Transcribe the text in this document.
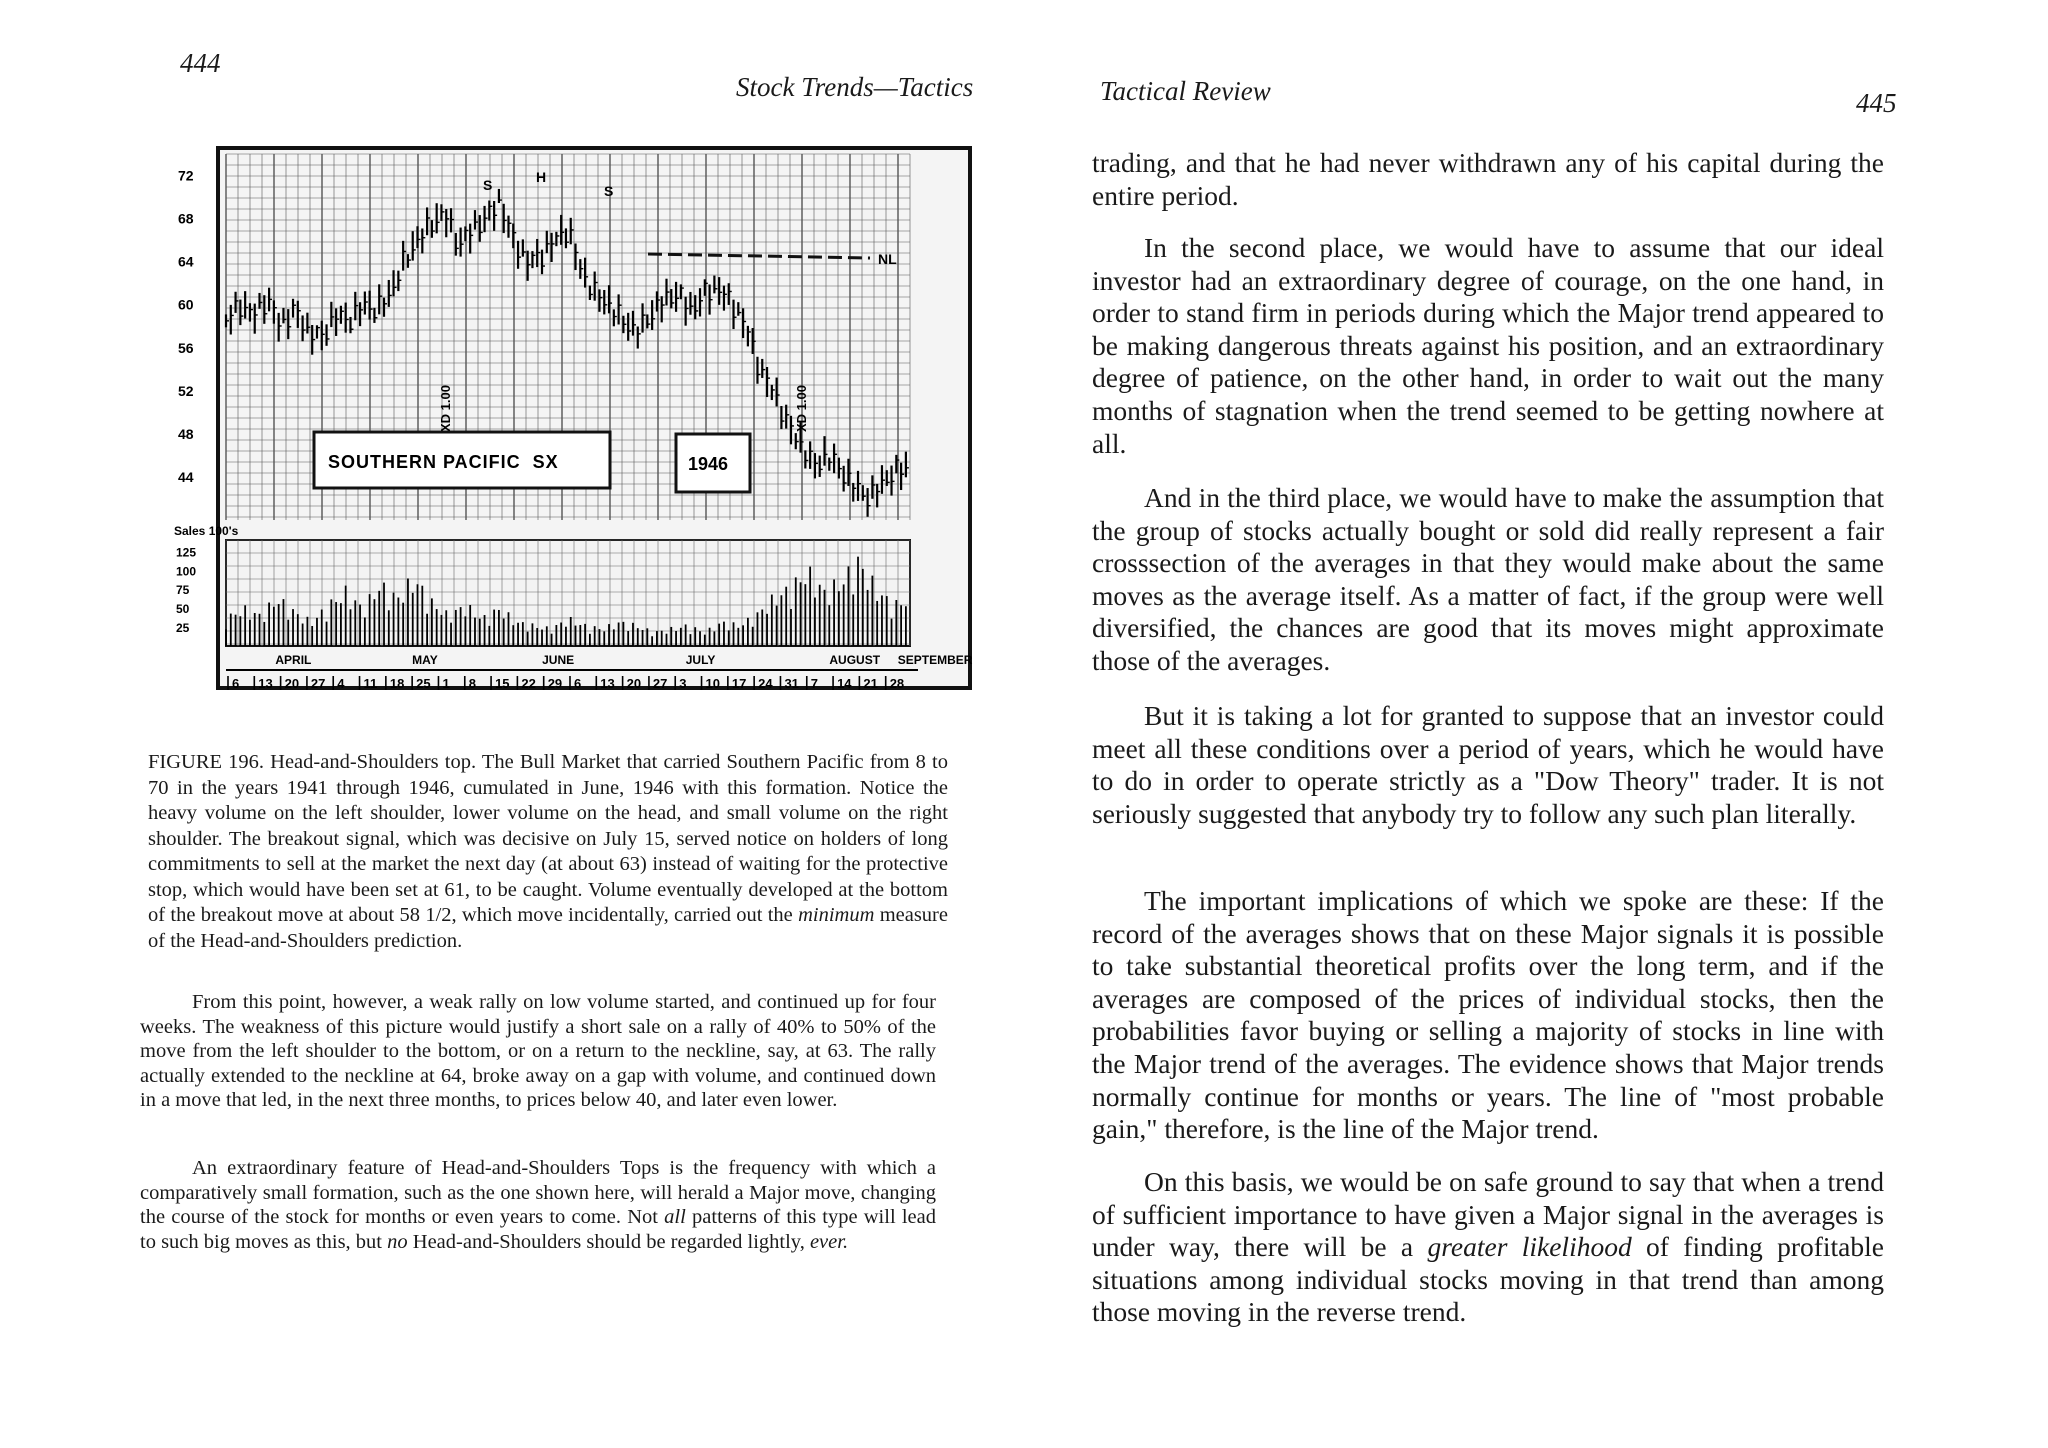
444
Stock Trends—Tactics
NL
S	H
S
XD 1.00	XD 1.00
SOUTHERN PACIFIC  SX	1946
72
68
64
60
56
52
48
44
Sales 100's
125
100
75
50
25
APRIL	MAY	JUNE	JULY	AUGUST SEPTEMBER
6 13 20 27 4 11 18 25 1 8 15 22 29 6 13 20 27 3 10 17 24 31 7 14 21 28
FIGURE 196. Head-and-Shoulders top. The Bull Market that carried Southern Pacific from 8 to 70 in the years 1941 through 1946, cumulated in June, 1946 with this formation. Notice the heavy volume on the left shoulder, lower volume on the head, and small volume on the right shoulder. The breakout signal, which was decisive on July 15, served notice on holders of long commitments to sell at the market the next day (at about 63) instead of waiting for the protective stop, which would have been set at 61, to be caught. Volume eventually developed at the bottom of the breakout move at about 58 1/2, which move incidentally, carried out the minimum measure of the Head-and-Shoulders prediction.

From this point, however, a weak rally on low volume started, and continued up for four weeks. The weakness of this picture would justify a short sale on a rally of 40% to 50% of the move from the left shoulder to the bottom, or on a return to the neckline, say, at 63. The rally actually extended to the neckline at 64, broke away on a gap with volume, and continued down in a move that led, in the next three months, to prices below 40, and later even lower.

An extraordinary feature of Head-and-Shoulders Tops is the frequency with which a comparatively small formation, such as the one shown here, will herald a Major move, changing the course of the stock for months or even years to come. Not all patterns of this type will lead to such big moves as this, but no Head-and-Shoulders should be regarded lightly, ever.

Tactical Review	445

trading, and that he had never withdrawn any of his capital during the entire period.

In the second place, we would have to assume that our ideal investor had an extraordinary degree of courage, on the one hand, in order to stand firm in periods during which the Major trend appeared to be making dangerous threats against his position, and an extraordinary degree of patience, on the other hand, in order to wait out the many months of stagnation when the trend seemed to be getting nowhere at all.

And in the third place, we would have to make the assumption that the group of stocks actually bought or sold did really represent a fair crosssection of the averages in that they would make about the same moves as the average itself. As a matter of fact, if the group were well diversified, the chances are good that its moves might approximate those of the averages.

But it is taking a lot for granted to suppose that an investor could meet all these conditions over a period of years, which he would have to do in order to operate strictly as a "Dow Theory" trader. It is not seriously suggested that anybody try to follow any such plan literally.

The important implications of which we spoke are these: If the record of the averages shows that on these Major signals it is possible to take substantial theoretical profits over the long term, and if the averages are composed of the prices of individual stocks, then the probabilities favor buying or selling a majority of stocks in line with the Major trend of the averages. The evidence shows that Major trends normally continue for months or years. The line of "most probable gain," therefore, is the line of the Major trend.

On this basis, we would be on safe ground to say that when a trend of sufficient importance to have given a Major signal in the averages is under way, there will be a greater likelihood of finding profitable situations among individual stocks moving in that trend than among those moving in the reverse trend.
